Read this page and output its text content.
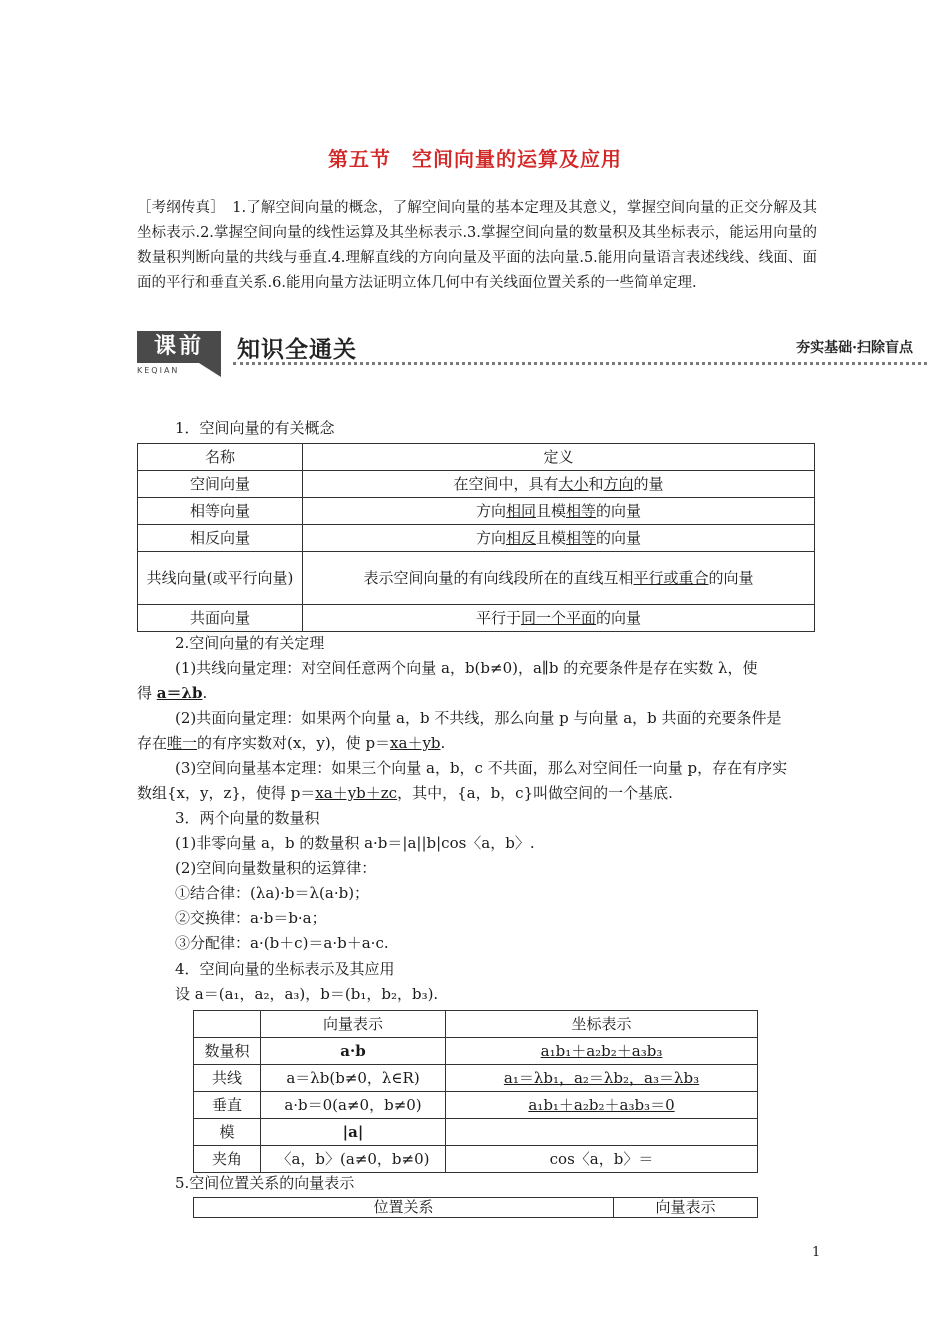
第五节　空间向量的运算及应用
［考纲传真］　1.了解空间向量的概念，了解空间向量的基本定理及其意义，掌握空间向量的正交分解及其坐标表示.2.掌握空间向量的线性运算及其坐标表示.3.掌握空间向量的数量积及其坐标表示，能运用向量的数量积判断向量的共线与垂直.4.理解直线的方向向量及平面的法向量.5.能用向量语言表述线线、线面、面面的平行和垂直关系.6.能用向量方法证明立体几何中有关线面位置关系的一些简单定理.
课前
KEQIAN
知识全通关	夯实基础·扫除盲点
1．空间向量的有关概念
名称	定义
空间向量	在空间中，具有大小和方向的量
相等向量	方向相同且模相等的向量
相反向量	方向相反且模相等的向量
共线向量(或平行向量)	表示空间向量的有向线段所在的直线互相平行或重合的向量
共面向量	平行于同一个平面的向量
2.空间向量的有关定理
(1)共线向量定理：对空间任意两个向量 a，b(b≠0)，a∥b 的充要条件是存在实数 λ，使
得 a＝λb.
(2)共面向量定理：如果两个向量 a，b 不共线，那么向量 p 与向量 a，b 共面的充要条件是
存在唯一的有序实数对(x，y)，使 p＝xa＋yb.
(3)空间向量基本定理：如果三个向量 a，b，c 不共面，那么对空间任一向量 p，存在有序实
数组{x，y，z}，使得 p＝xa＋yb＋zc，其中，{a，b，c}叫做空间的一个基底.
3．两个向量的数量积
(1)非零向量 a，b 的数量积 a·b＝|a||b|cos〈a，b〉.
(2)空间向量数量积的运算律：
①结合律：(λa)·b＝λ(a·b)；
②交换律：a·b＝b·a；
③分配律：a·(b＋c)＝a·b＋a·c.
4．空间向量的坐标表示及其应用
设 a＝(a₁，a₂，a₃)，b＝(b₁，b₂，b₃).
	向量表示	坐标表示
数量积	a·b	a₁b₁＋a₂b₂＋a₃b₃
共线	a＝λb(b≠0，λ∈R)	a₁＝λb₁，a₂＝λb₂，a₃＝λb₃
垂直	a·b＝0(a≠0，b≠0)	a₁b₁＋a₂b₂＋a₃b₃＝0
模	|a|	
夹角	〈a，b〉(a≠0，b≠0)	cos〈a，b〉＝
5.空间位置关系的向量表示
位置关系	向量表示
1
